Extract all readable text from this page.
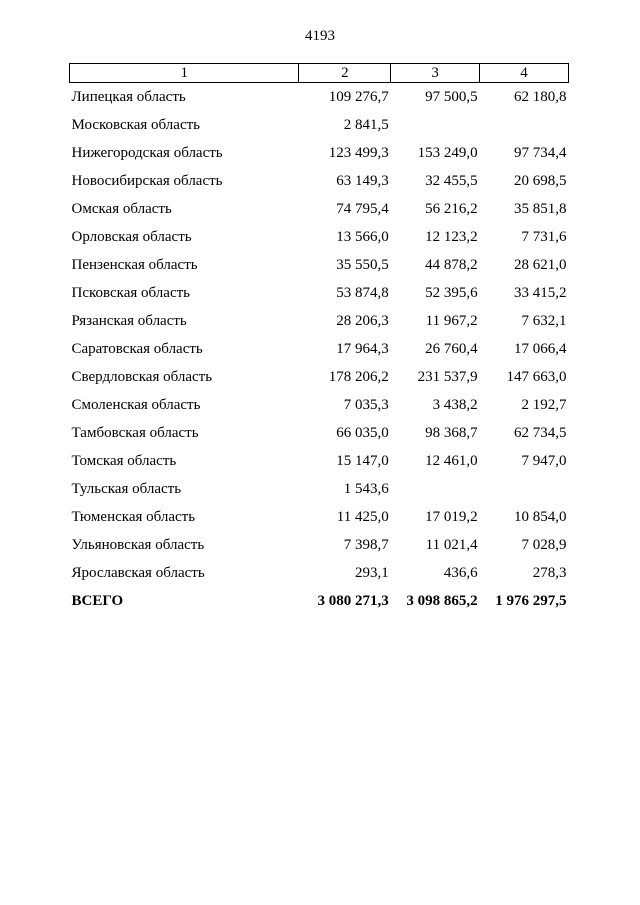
4193
1	2	3	4
Липецкая область	109 276,7	97 500,5	62 180,8
Московская область	2 841,5		
Нижегородская область	123 499,3	153 249,0	97 734,4
Новосибирская область	63 149,3	32 455,5	20 698,5
Омская область	74 795,4	56 216,2	35 851,8
Орловская область	13 566,0	12 123,2	7 731,6
Пензенская область	35 550,5	44 878,2	28 621,0
Псковская область	53 874,8	52 395,6	33 415,2
Рязанская область	28 206,3	11 967,2	7 632,1
Саратовская область	17 964,3	26 760,4	17 066,4
Свердловская область	178 206,2	231 537,9	147 663,0
Смоленская область	7 035,3	3 438,2	2 192,7
Тамбовская область	66 035,0	98 368,7	62 734,5
Томская область	15 147,0	12 461,0	7 947,0
Тульская область	1 543,6		
Тюменская область	11 425,0	17 019,2	10 854,0
Ульяновская область	7 398,7	11 021,4	7 028,9
Ярославская область	293,1	436,6	278,3
ВСЕГО	3 080 271,3	3 098 865,2	1 976 297,5
